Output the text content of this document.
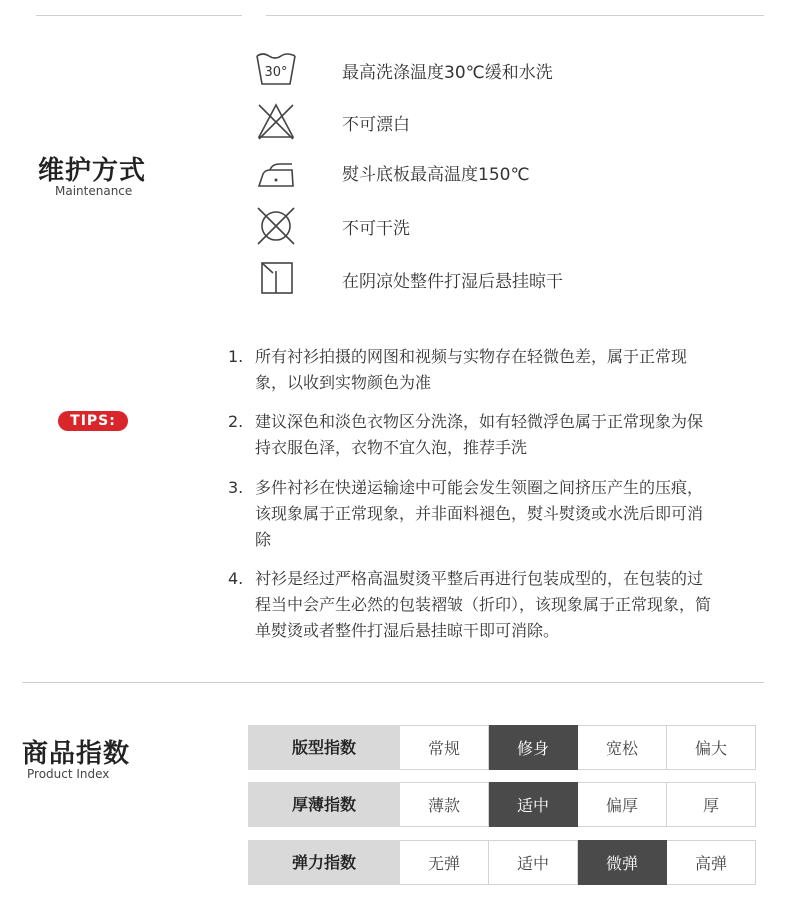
维护方式
Maintenance
30°	最高洗涤温度30℃缓和水洗
不可漂白
熨斗底板最高温度150℃
不可干洗
在阴凉处整件打湿后悬挂晾干
TIPS:
1. 所有衬衫拍摄的网图和视频与实物存在轻微色差，属于正常现象，以收到实物颜色为准
2. 建议深色和淡色衣物区分洗涤，如有轻微浮色属于正常现象为保持衣服色泽，衣物不宜久泡，推荐手洗
3. 多件衬衫在快递运输途中可能会发生领圈之间挤压产生的压痕，该现象属于正常现象，并非面料褪色，熨斗熨烫或水洗后即可消除
4. 衬衫是经过严格高温熨烫平整后再进行包装成型的，在包装的过程当中会产生必然的包装褶皱（折印），该现象属于正常现象，简单熨烫或者整件打湿后悬挂晾干即可消除。
商品指数
Product Index
版型指数	常规	修身	宽松	偏大
厚薄指数	薄款	适中	偏厚	厚
弹力指数	无弹	适中	微弹	高弹
